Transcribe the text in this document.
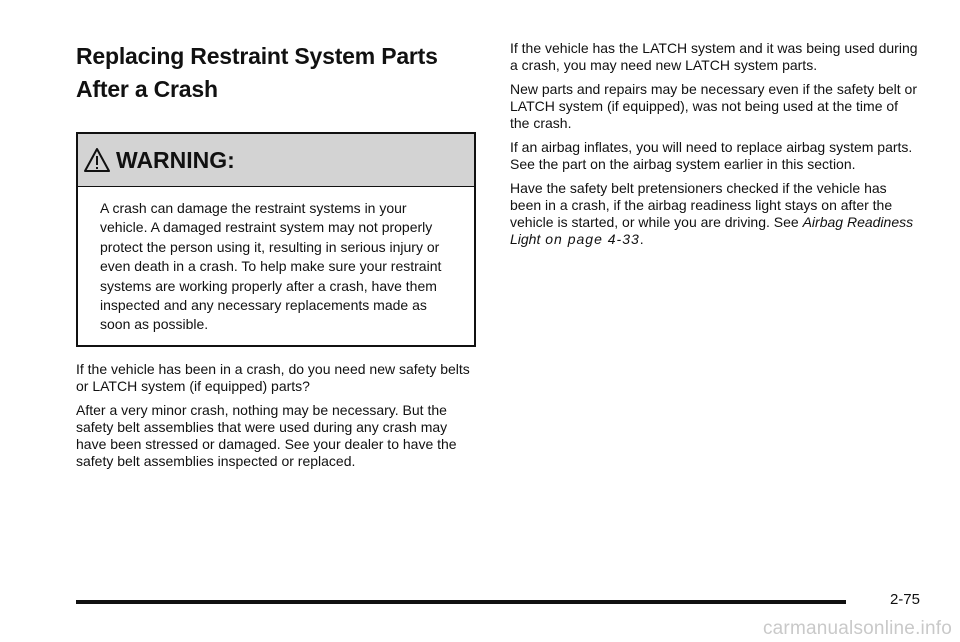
Replacing Restraint System Parts
After a Crash
WARNING:
A crash can damage the restraint systems in your vehicle. A damaged restraint system may not properly protect the person using it, resulting in serious injury or even death in a crash. To help make sure your restraint systems are working properly after a crash, have them inspected and any necessary replacements made as soon as possible.

If the vehicle has been in a crash, do you need new safety belts or LATCH system (if equipped) parts?

After a very minor crash, nothing may be necessary. But the safety belt assemblies that were used during any crash may have been stressed or damaged. See your dealer to have the safety belt assemblies inspected or replaced.

If the vehicle has the LATCH system and it was being used during a crash, you may need new LATCH system parts.

New parts and repairs may be necessary even if the safety belt or LATCH system (if equipped), was not being used at the time of the crash.

If an airbag inflates, you will need to replace airbag system parts. See the part on the airbag system earlier in this section.

Have the safety belt pretensioners checked if the vehicle has been in a crash, if the airbag readiness light stays on after the vehicle is started, or while you are driving. See Airbag Readiness Light on page 4‑33.

2-75
carmanualsonline.info
